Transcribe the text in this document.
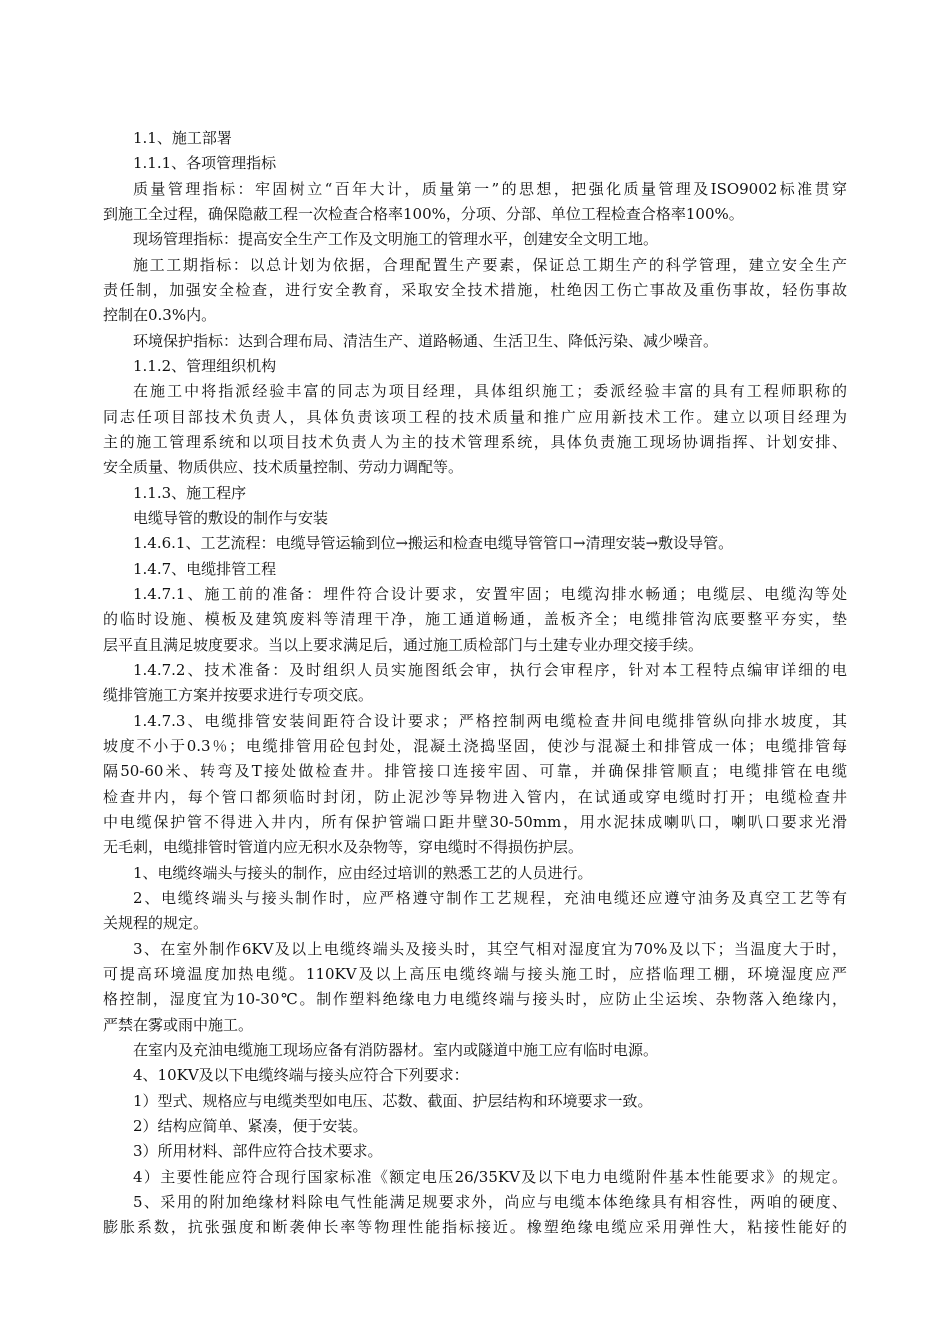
1.1、施工部署
1.1.1、各项管理指标
质量管理指标：牢固树立“百年大计，质量第一”的思想，把强化质量管理及ISO9002标准贯穿
到施工全过程，确保隐蔽工程一次检查合格率100%，分项、分部、单位工程检查合格率100%。
现场管理指标：提高安全生产工作及文明施工的管理水平，创建安全文明工地。
施工工期指标：以总计划为依据，合理配置生产要素，保证总工期生产的科学管理，建立安全生产
责任制，加强安全检查，进行安全教育，采取安全技术措施，杜绝因工伤亡事故及重伤事故，轻伤事故
控制在0.3%内。
环境保护指标：达到合理布局、清洁生产、道路畅通、生活卫生、降低污染、减少噪音。
1.1.2、管理组织机构
在施工中将指派经验丰富的同志为项目经理，具体组织施工；委派经验丰富的具有工程师职称的
同志任项目部技术负责人，具体负责该项工程的技术质量和推广应用新技术工作。建立以项目经理为
主的施工管理系统和以项目技术负责人为主的技术管理系统，具体负责施工现场协调指挥、计划安排、
安全质量、物质供应、技术质量控制、劳动力调配等。
1.1.3、施工程序
电缆导管的敷设的制作与安装
1.4.6.1、工艺流程：电缆导管运输到位→搬运和检查电缆导管管口→清理安装→敷设导管。
1.4.7、电缆排管工程
1.4.7.1、施工前的准备：埋件符合设计要求，安置牢固；电缆沟排水畅通；电缆层、电缆沟等处
的临时设施、模板及建筑废料等清理干净，施工通道畅通，盖板齐全；电缆排管沟底要整平夯实，垫
层平直且满足坡度要求。当以上要求满足后，通过施工质检部门与土建专业办理交接手续。
1.4.7.2、技术准备：及时组织人员实施图纸会审，执行会审程序，针对本工程特点编审详细的电
缆排管施工方案并按要求进行专项交底。
1.4.7.3、电缆排管安装间距符合设计要求；严格控制两电缆检查井间电缆排管纵向排水坡度，其
坡度不小于0.3％；电缆排管用砼包封处，混凝土浇捣坚固，使沙与混凝土和排管成一体；电缆排管每
隔50-60米、转弯及T接处做检查井。排管接口连接牢固、可靠，并确保排管顺直；电缆排管在电缆
检查井内，每个管口都须临时封闭，防止泥沙等异物进入管内，在试通或穿电缆时打开；电缆检查井
中电缆保护管不得进入井内，所有保护管端口距井壁30-50mm，用水泥抹成喇叭口，喇叭口要求光滑
无毛刺，电缆排管时管道内应无积水及杂物等，穿电缆时不得损伤护层。
1、电缆终端头与接头的制作，应由经过培训的熟悉工艺的人员进行。
2、电缆终端头与接头制作时，应严格遵守制作工艺规程，充油电缆还应遵守油务及真空工艺等有
关规程的规定。
3、在室外制作6KV及以上电缆终端头及接头时，其空气相对湿度宜为70%及以下；当温度大于时，
可提高环境温度加热电缆。110KV及以上高压电缆终端与接头施工时，应搭临理工棚，环境湿度应严
格控制，湿度宜为10-30℃。制作塑料绝缘电力电缆终端与接头时，应防止尘运埃、杂物落入绝缘内，
严禁在雾或雨中施工。
在室内及充油电缆施工现场应备有消防器材。室内或隧道中施工应有临时电源。
4、10KV及以下电缆终端与接头应符合下列要求：
1）型式、规格应与电缆类型如电压、芯数、截面、护层结构和环境要求一致。
2）结构应简单、紧凑，便于安装。
3）所用材料、部件应符合技术要求。
4）主要性能应符合现行国家标准《额定电压26/35KV及以下电力电缆附件基本性能要求》的规定。
5、采用的附加绝缘材料除电气性能满足规要求外，尚应与电缆本体绝缘具有相容性，两咱的硬度、
膨胀系数，抗张强度和断袭伸长率等物理性能指标接近。橡塑绝缘电缆应采用弹性大，粘接性能好的
